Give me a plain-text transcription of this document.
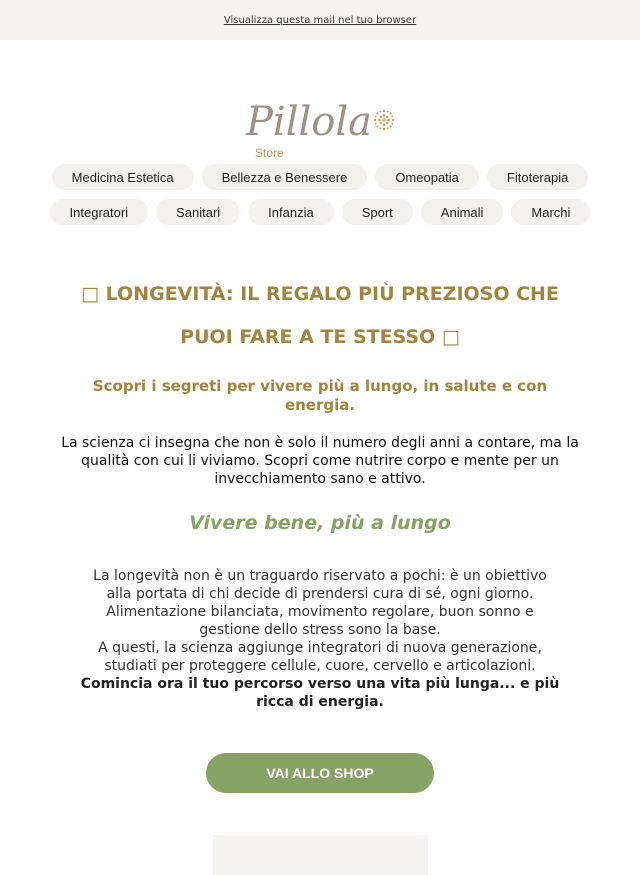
Visualizza questa mail nel tuo browser
Pillola
Store
Medicina Estetica	Bellezza e Benessere	Omeopatia	Fitoterapia
Integratori	Sanitari	Infanzia	Sport	Animali	Marchi
□ LONGEVITÀ: IL REGALO PIÙ PREZIOSO CHE
PUOI FARE A TE STESSO □
Scopri i segreti per vivere più a lungo, in salute e con energia.
La scienza ci insegna che non è solo il numero degli anni a contare, ma la qualità con cui li viviamo. Scopri come nutrire corpo e mente per un invecchiamento sano e attivo.
Vivere bene, più a lungo
La longevità non è un traguardo riservato a pochi: è un obiettivo alla portata di chi decide di prendersi cura di sé, ogni giorno. Alimentazione bilanciata, movimento regolare, buon sonno e gestione dello stress sono la base.
A questi, la scienza aggiunge integratori di nuova generazione, studiati per proteggere cellule, cuore, cervello e articolazioni.
Comincia ora il tuo percorso verso una vita più lunga... e più ricca di energia.
VAI ALLO SHOP
